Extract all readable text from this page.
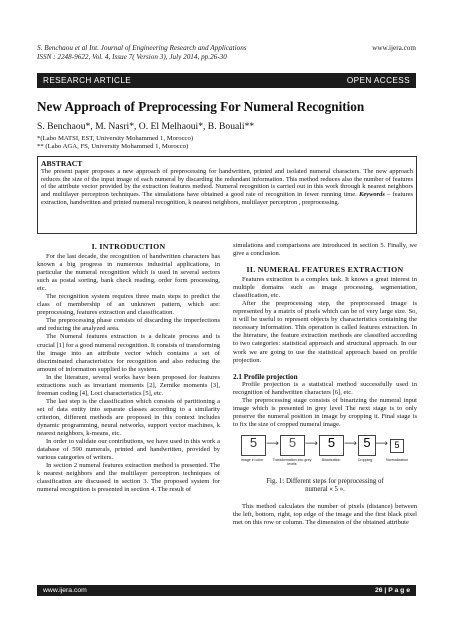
S. Benchaou et al Int. Journal of Engineering Research and Applications
ISSN : 2248-9622, Vol. 4, Issue 7( Version 3), July 2014, pp.26-30
www.ijera.com
RESEARCH ARTICLE	OPEN ACCESS
New Approach of Preprocessing For Numeral Recognition
S. Benchaou*, M. Nasri*, O. El Melhaoui*, B. Bouali**
*(Labo MATSI, EST, University Mohammed 1, Morocco)
** (Labo AGA, FS, University Mohammed 1, Morocco)
ABSTRACT
The present paper proposes a new approach of preprocessing for handwritten, printed and isolated numeral characters. The new approach reduces the size of the input image of each numeral by discarding the redundant information. This method reduces also the number of features of the attribute vector provided by the extraction features method. Numeral recognition is carried out in this work through k nearest neighbors and multilayer perceptron techniques. The simulations have obtained a good rate of recognition in fewer running time. Keywords – features extraction, handwritten and printed numeral recognition, k nearest neighbors, multilayer perceptron , preprocessing.
I. INTRODUCTION

For the last decade, the recognition of handwritten characters has known a big progress in numerous industrial applications, in particular the numeral recognition which is used in several sectors such as postal sorting, bank check reading, order form processing, etc.

The recognition system requires three main steps to predict the class of membership of an unknown pattern, which are: preprocessing, features extraction and classification.

The preprocessing phase consists of discarding the imperfections and reducing the analyzed area.

The Numeral features extraction is a delicate process and is crucial [1] for a good numeral recognition. It consists of transforming the image into an attribute vector which contains a set of discriminated characteristics for recognition and also reducing the amount of information supplied to the system.

In the literature, several works have been proposed for features extractions such as invariant moments [2], Zernike moments [3], freeman coding [4], Loci characteristics [5], etc.

The last step is the classification which consists of partitioning a set of data entity into separate classes according to a similarity criterion, different methods are proposed in this context includes dynamic programming, neural networks, support vector machines, k nearest neighbors, k-means, etc.

In order to validate our contributions, we have used in this work a database of 590 numerals, printed and handwritten, provided by various categories of writers.

In section 2 numeral features extraction method is presented. The k nearest neighbors and the multilayer perceptron techniques of classification are discussed in section 3. The proposed system for numeral recognition is presented in section 4. The result of

simulations and comparisons are introduced in section 5. Finally, we give a conclusion.
II. NUMERAL FEATURES EXTRACTION

Features extraction is a complex task. It knows a great interest in multiple domains such as image processing, segmentation, classification, etc.

After the preprocessing step, the preprocessed image is represented by a matrix of pixels which can be of very large size. So, it will be useful to represent objects by characteristics containing the necessary information. This operation is called features extraction. In the literature, the feature extraction methods are classified according to two categories: statistical approach and structural approach. In our work we are going to use the statistical approach based on profile projection.

2.1 Profile projection

Profile projection is a statistical method successfully used in recognition of handwritten characters [6], etc.

The preprocessing stage consists of binarizing the numeral input image which is presented in grey level The next stage is to only preserve the numeral position in image by cropping it. Final stage is to fix the size of cropped numeral image.

5 ⟶ 5 ⟶ 5 ⟶ 5 ⟶ 5
Image in color	Transformation into grey levels
Binarization	Cropping	Normalization
Fig. 1: Different steps for preprocessing of
numeral « 5 ».

This method calculates the number of pixels (distance) between the left, bottom, right, top edge of the image and the first black pixel met on this row or column. The dimension of the obtained attribute

www.ijera.com	26 | P a g e
